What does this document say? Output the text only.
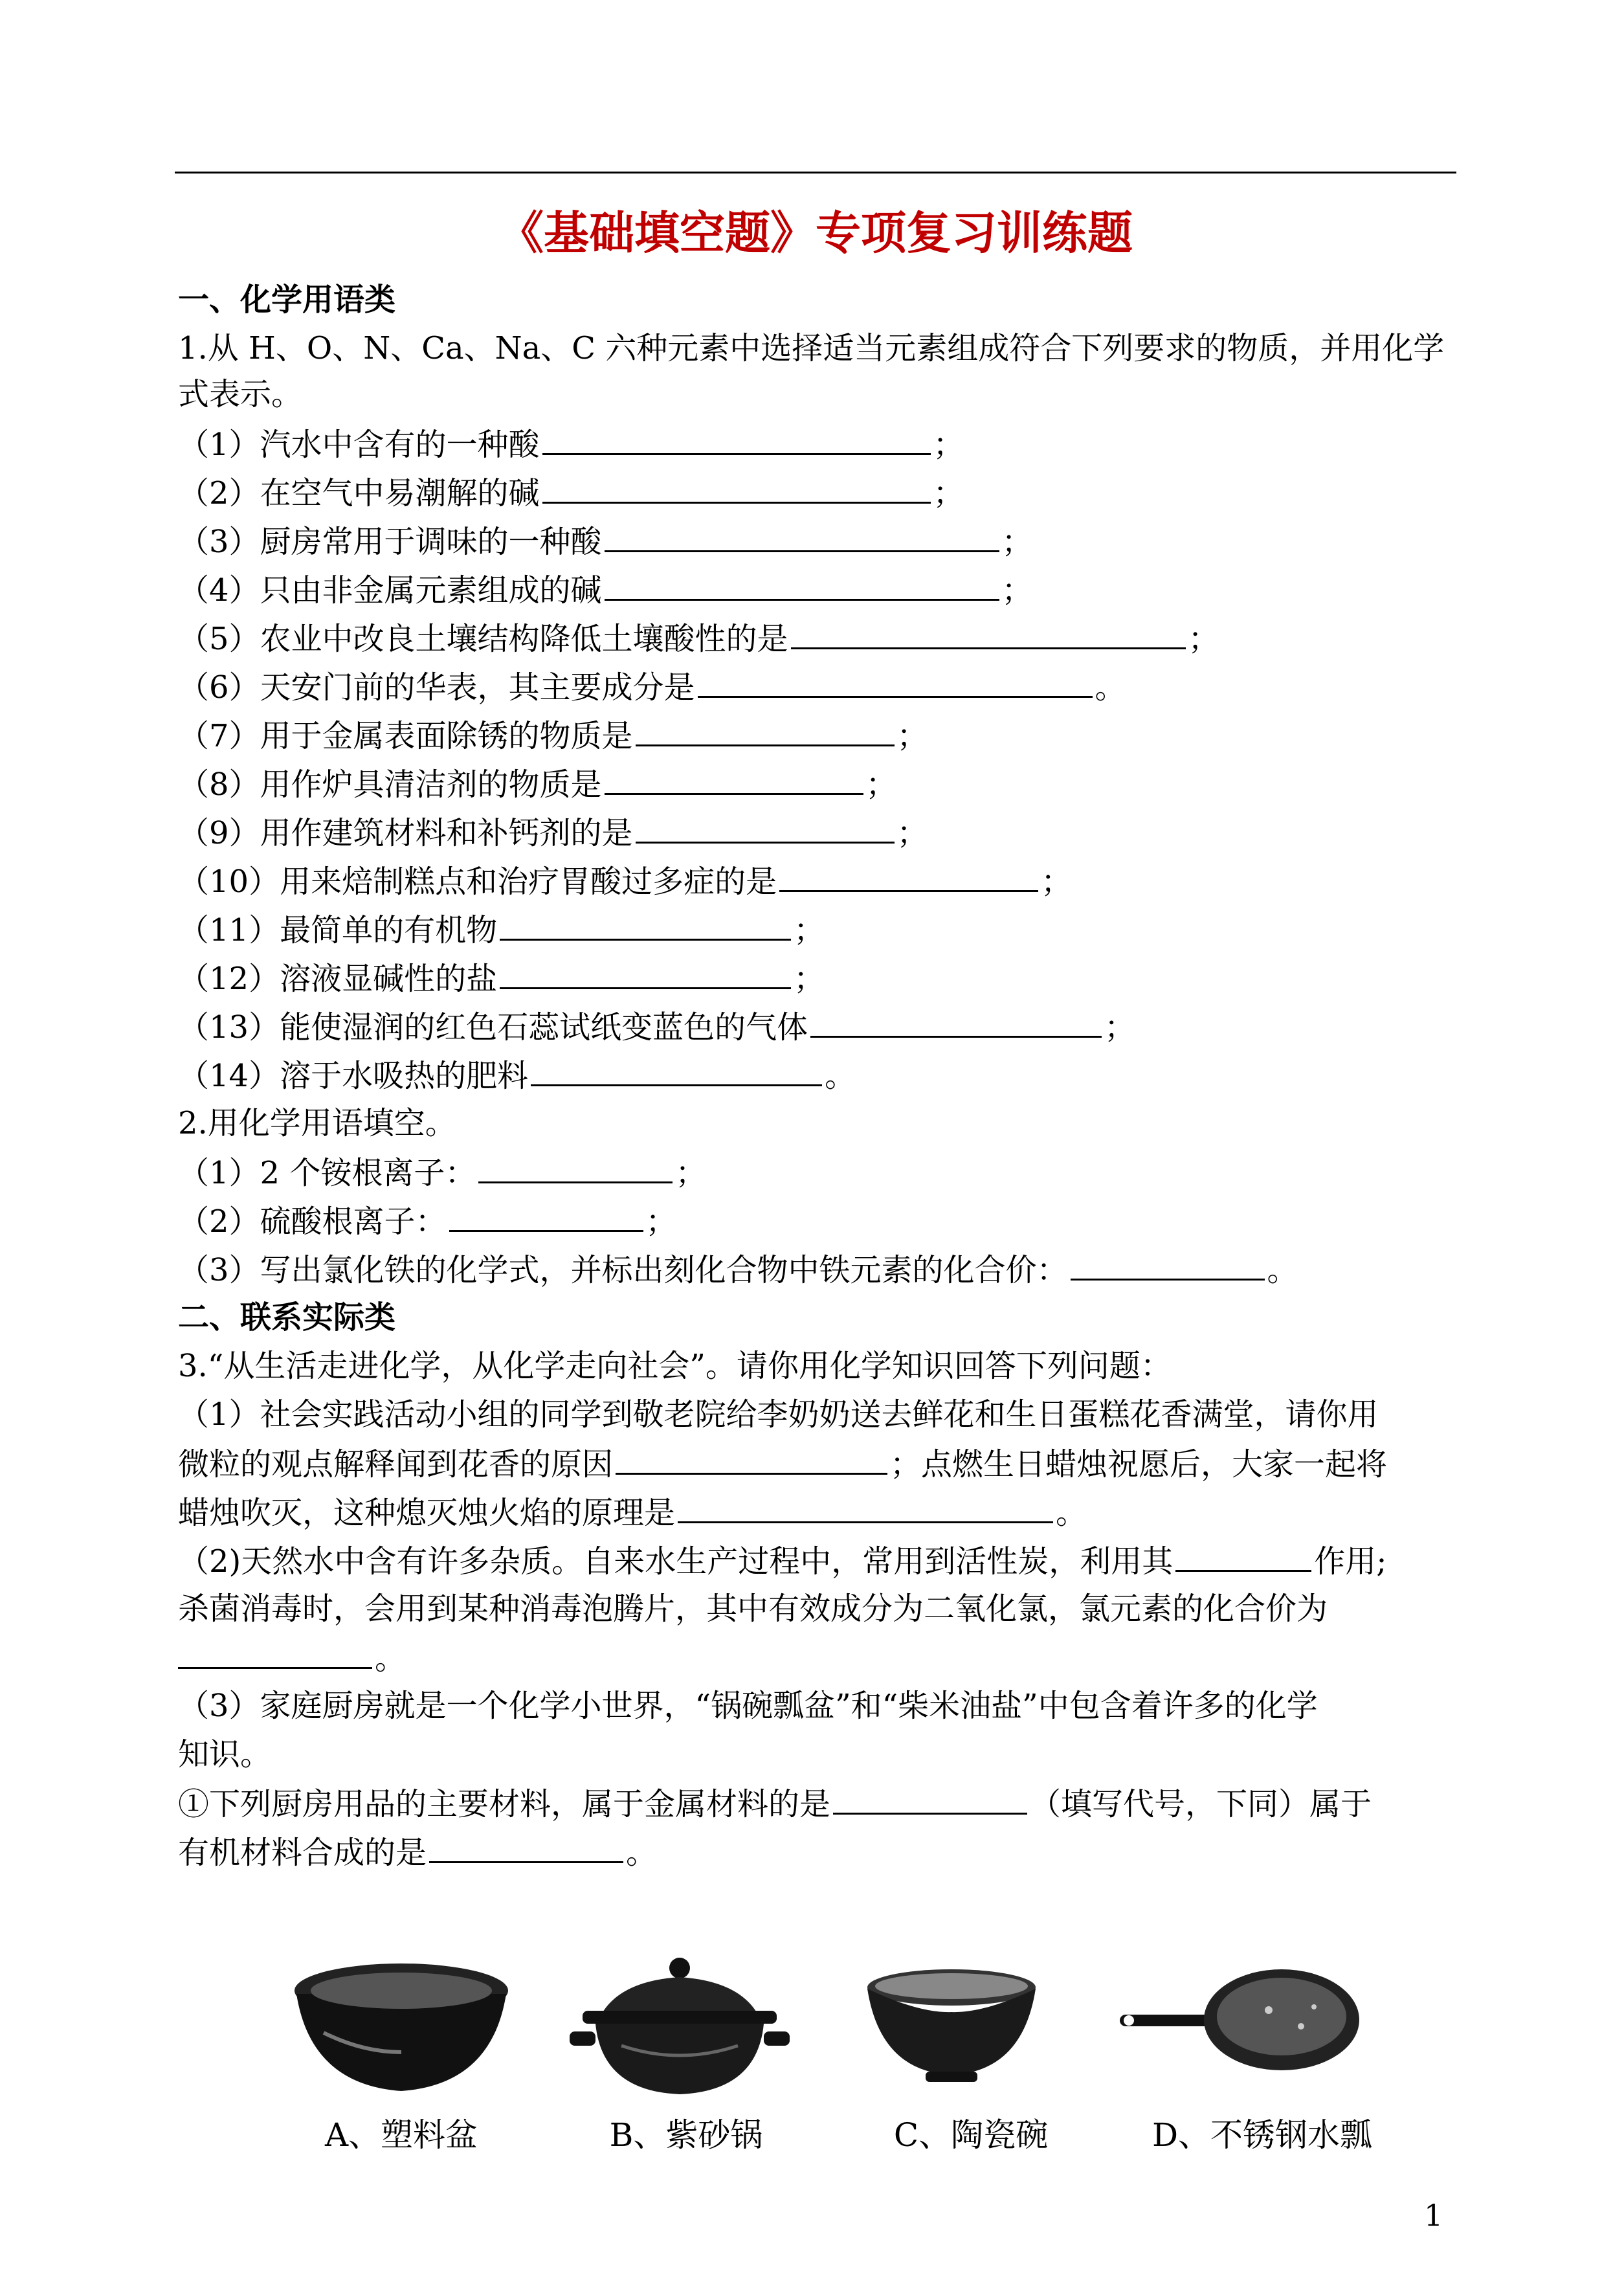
《基础填空题》专项复习训练题
一、化学用语类
1.从 H、O、N、Ca、Na、C 六种元素中选择适当元素组成符合下列要求的物质，并用化学
式表示。
（1）汽水中含有的一种酸	；
（2）在空气中易潮解的碱	；
（3）厨房常用于调味的一种酸	；
（4）只由非金属元素组成的碱	；
（5）农业中改良土壤结构降低土壤酸性的是	；
（6）天安门前的华表，其主要成分是	。
（7）用于金属表面除锈的物质是	；
（8）用作炉具清洁剂的物质是	；
（9）用作建筑材料和补钙剂的是	；
（10）用来焙制糕点和治疗胃酸过多症的是	；
（11）最简单的有机物	；
（12）溶液显碱性的盐	；
（13）能使湿润的红色石蕊试纸变蓝色的气体	；
（14）溶于水吸热的肥料	。
2.用化学用语填空。
（1）2 个铵根离子：	；
（2）硫酸根离子：	；
（3）写出氯化铁的化学式，并标出刻化合物中铁元素的化合价：	。
二、联系实际类
3.“从生活走进化学，从化学走向社会”。请你用化学知识回答下列问题：
（1）社会实践活动小组的同学到敬老院给李奶奶送去鲜花和生日蛋糕花香满堂，请你用
微粒的观点解释闻到花香的原因	；点燃生日蜡烛祝愿后，大家一起将
蜡烛吹灭，这种熄灭烛火焰的原理是	。
（2)天然水中含有许多杂质。自来水生产过程中，常用到活性炭，利用其	作用;
杀菌消毒时，会用到某种消毒泡腾片，其中有效成分为二氧化氯，氯元素的化合价为
。
（3）家庭厨房就是一个化学小世界，“锅碗瓢盆”和“柴米油盐”中包含着许多的化学
知识。
①下列厨房用品的主要材料，属于金属材料的是	（填写代号，下同）属于
有机材料合成的是	。
A、塑料盆	B、紫砂锅	C、陶瓷碗	D、不锈钢水瓢
1
